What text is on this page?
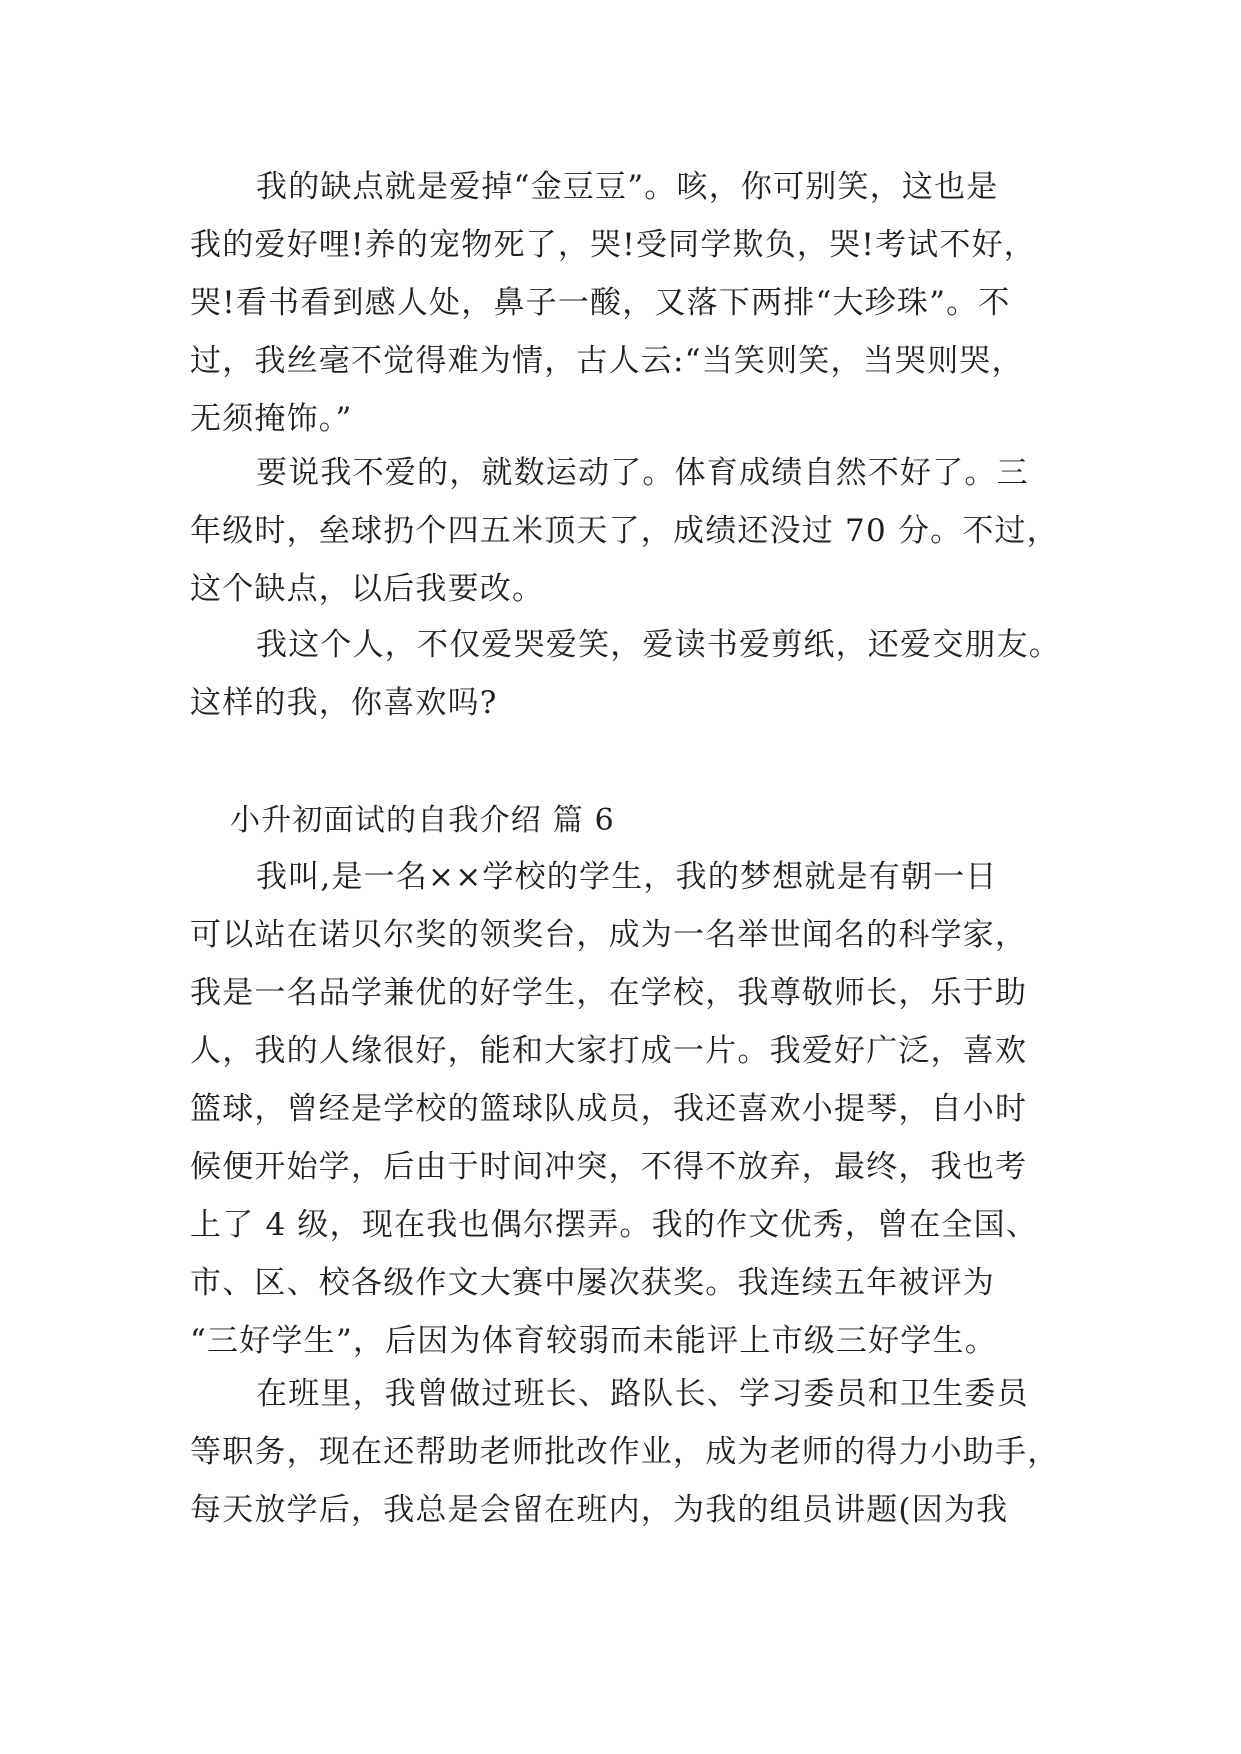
我的缺点就是爱掉“金豆豆”。咳，你可别笑，这也是
我的爱好哩!养的宠物死了，哭!受同学欺负，哭!考试不好，
哭!看书看到感人处，鼻子一酸，又落下两排“大珍珠”。不
过，我丝毫不觉得难为情，古人云:“当笑则笑，当哭则哭，
无须掩饰。”
要说我不爱的，就数运动了。体育成绩自然不好了。三
年级时，垒球扔个四五米顶天了，成绩还没过 70 分。不过，
这个缺点，以后我要改。
我这个人，不仅爱哭爱笑，爱读书爱剪纸，还爱交朋友。
这样的我，你喜欢吗?
小升初面试的自我介绍 篇 6
我叫,是一名××学校的学生，我的梦想就是有朝一日
可以站在诺贝尔奖的领奖台，成为一名举世闻名的科学家，
我是一名品学兼优的好学生，在学校，我尊敬师长，乐于助
人，我的人缘很好，能和大家打成一片。我爱好广泛，喜欢
篮球，曾经是学校的篮球队成员，我还喜欢小提琴，自小时
候便开始学，后由于时间冲突，不得不放弃，最终，我也考
上了 4 级，现在我也偶尔摆弄。我的作文优秀，曾在全国、
市、区、校各级作文大赛中屡次获奖。我连续五年被评为
“三好学生”，后因为体育较弱而未能评上市级三好学生。
在班里，我曾做过班长、路队长、学习委员和卫生委员
等职务，现在还帮助老师批改作业，成为老师的得力小助手，
每天放学后，我总是会留在班内，为我的组员讲题(因为我
